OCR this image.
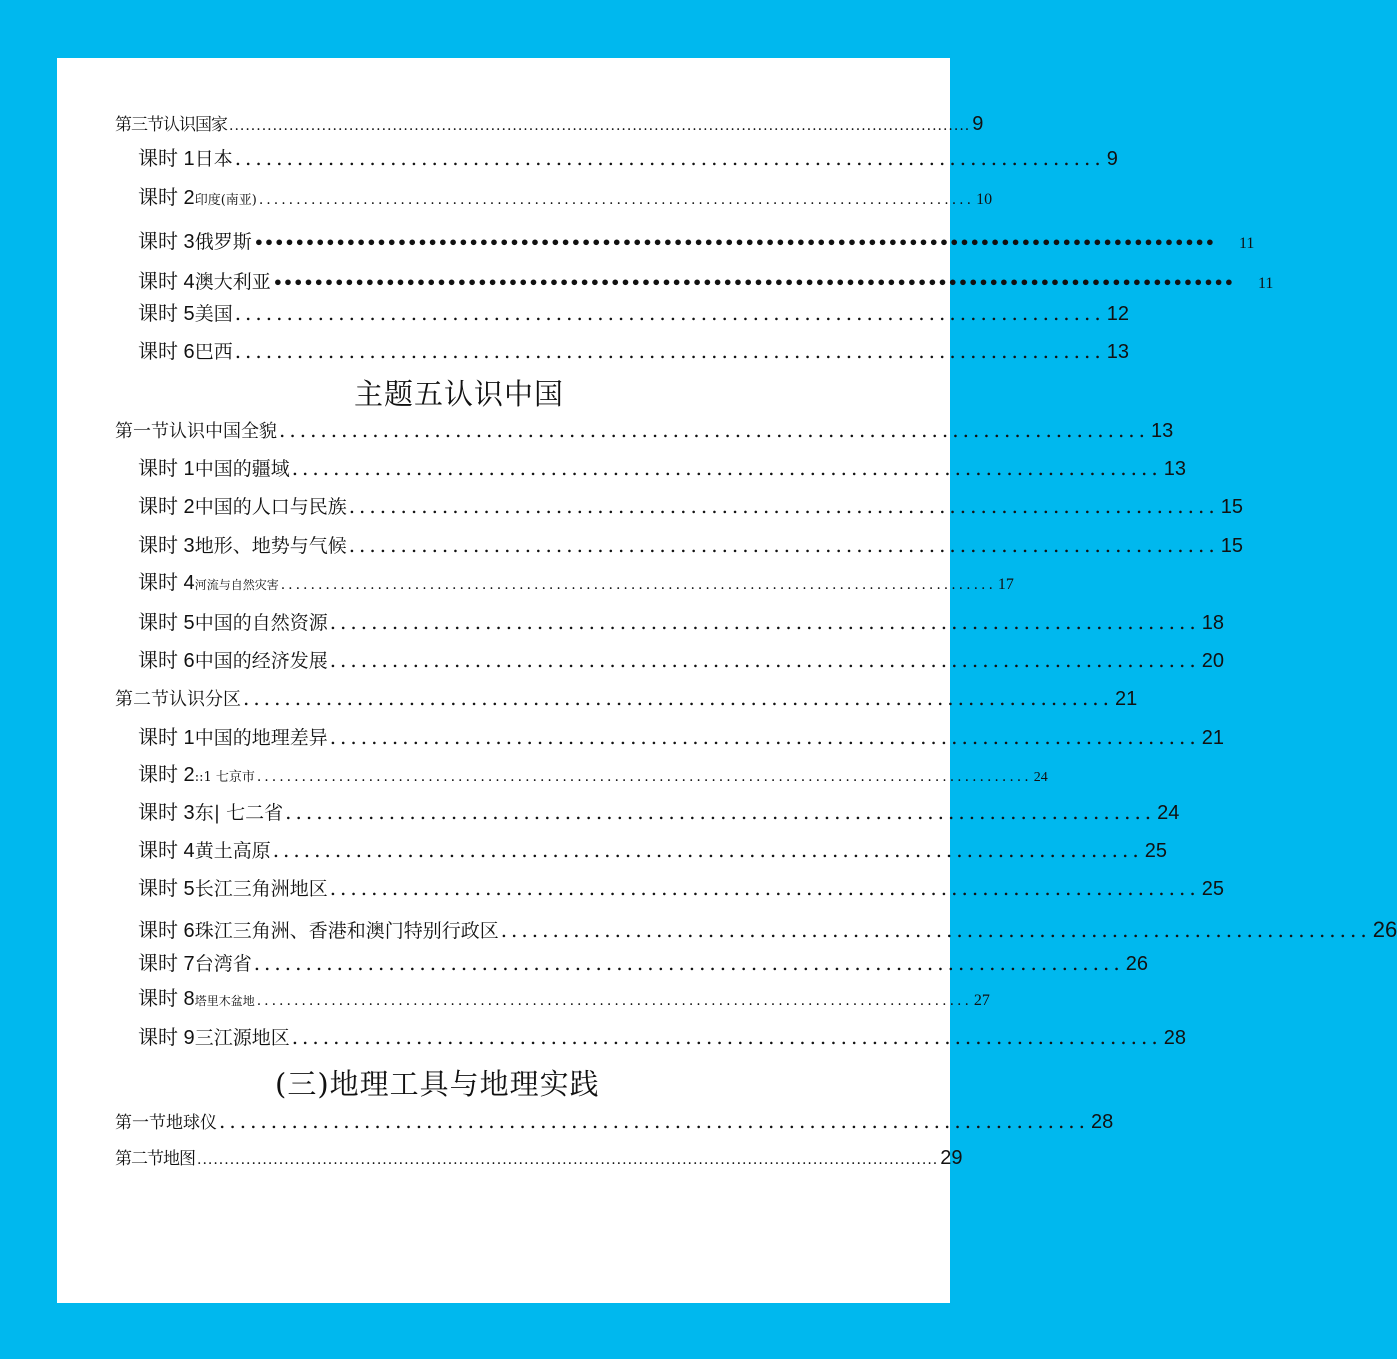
第三节认识国家 ........................................................................................................................................ 9
课时 1 日本 .................................................................................... 9
课时 2 印度(南亚) ................................................................................................ 10
课时 3 俄罗斯 •••••••••••••••••••••••••••••••••••••••••••••••••••••••••••••••••••••••••••••••••••••••••••••• 11
课时 4 澳大利亚 •••••••••••••••••••••••••••••••••••••••••••••••••••••••••••••••••••••••••••••••••••••••••••••• 11
课时 5 美国 .................................................................................... 12
课时 6 巴西 .................................................................................... 13
主题五认识中国
第一节认识中国全貌 .................................................................................... 13
课时 1 中国的疆域 .................................................................................... 13
课时 2 中国的人口与民族 .................................................................................... 15
课时 3 地形、地势与气候 .................................................................................... 15
课时 4 河流与自然灾害 ................................................................................................ 17
课时 5 中国的自然资源 .................................................................................... 18
课时 6 中国的经济发展 .................................................................................... 20
第二节认识分区 .................................................................................... 21
课时 1 中国的地理差异 .................................................................................... 21
课时 2 ::1 七京市 ........................................................................................................ 24
课时 3 东| 七二省 .................................................................................... 24
课时 4 黄土高原 .................................................................................... 25
课时 5 长江三角洲地区 .................................................................................... 25
课时 6 珠江三角洲、香港和澳门特别行政区 .................................................................................... 26
课时 7 台湾省 .................................................................................... 26
课时 8 塔里木盆地 ................................................................................................ 27
课时 9 三江源地区 .................................................................................... 28
(三)地理工具与地理实践
第一节地球仪 .................................................................................... 28
第二节地图 ........................................................................................................................................ 29
